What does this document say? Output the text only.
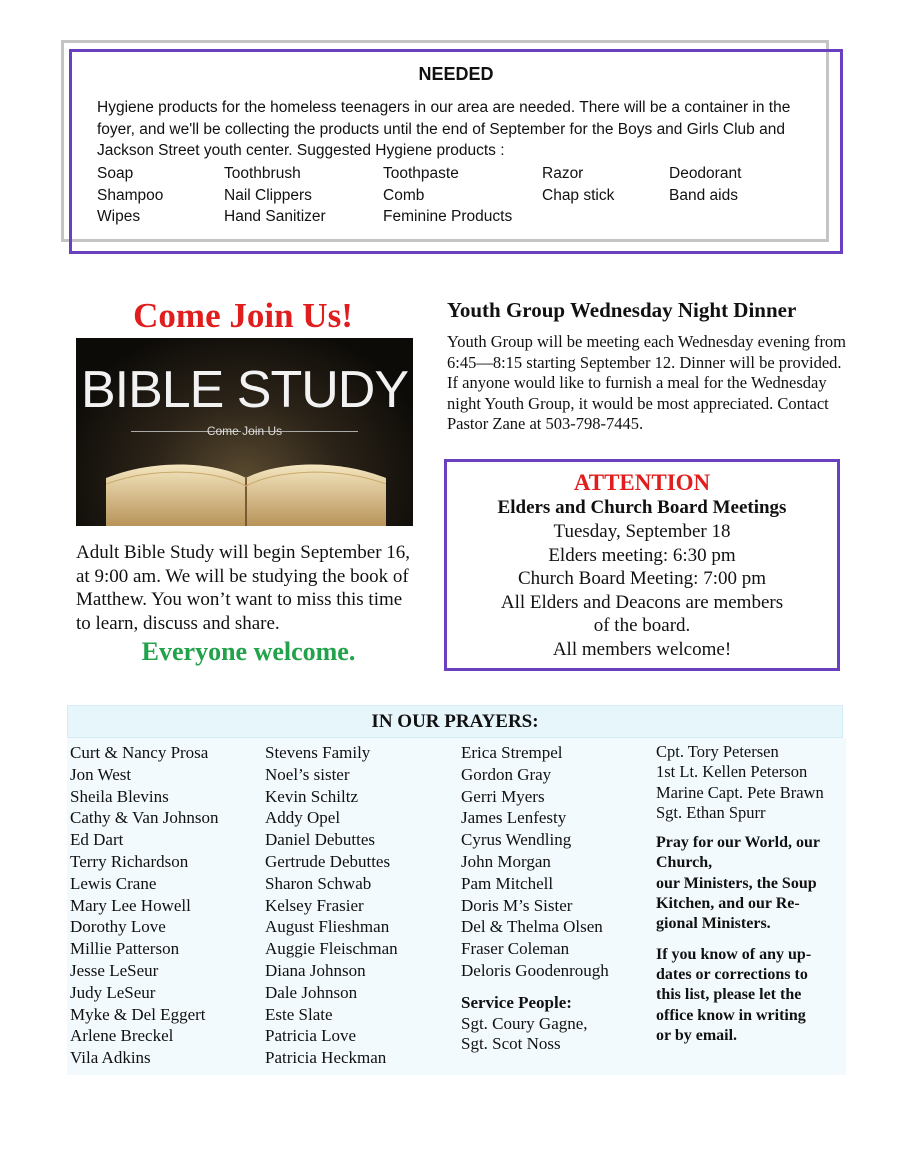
NEEDED
Hygiene products for the homeless teenagers in our area are needed. There will be a container in the foyer, and we'll be collecting the products until the end of September for the Boys and Girls Club and Jackson Street youth center. Suggested Hygiene products :
Soap	Toothbrush	Toothpaste	Razor	Deodorant
Shampoo	Nail Clippers	Comb	Chap stick	Band aids
Wipes	Hand Sanitizer	Feminine Products
Come Join Us!
BIBLE STUDY
Come Join Us
Adult Bible Study will begin September 16, at 9:00 am. We will be studying the book of Matthew. You won’t want to miss this time to learn, discuss and share.
Everyone welcome.
Youth Group Wednesday Night Dinner
Youth Group will be meeting each Wednesday evening from 6:45—8:15 starting September 12. Dinner will be provided. If anyone would like to furnish a meal for the Wednesday night Youth Group, it would be most appreciated. Contact Pastor Zane at 503-798-7445.
ATTENTION
Elders and Church Board Meetings
Tuesday, September 18
Elders meeting: 6:30 pm
Church Board Meeting: 7:00 pm
All Elders and Deacons are members
of the board.
All members welcome!
IN OUR PRAYERS:
Curt & Nancy Prosa
Jon West
Sheila Blevins
Cathy & Van Johnson
Ed Dart
Terry Richardson
Lewis Crane
Mary Lee Howell
Dorothy Love
Millie Patterson
Jesse LeSeur
Judy LeSeur
Myke & Del Eggert
Arlene Breckel
Vila Adkins
Stevens Family
Noel’s sister
Kevin Schiltz
Addy Opel
Daniel Debuttes
Gertrude Debuttes
Sharon Schwab
Kelsey Frasier
August Flieshman
Auggie Fleischman
Diana Johnson
Dale Johnson
Este Slate
Patricia Love
Patricia Heckman
Erica Strempel
Gordon Gray
Gerri Myers
James Lenfesty
Cyrus Wendling
John Morgan
Pam Mitchell
Doris M’s Sister
Del & Thelma Olsen
Fraser Coleman
Deloris Goodenrough
Service People:
Sgt. Coury Gagne,
Sgt. Scot Noss
Cpt. Tory Petersen
1st Lt. Kellen Peterson
Marine Capt. Pete Brawn
Sgt. Ethan Spurr
Pray for our World, our
Church,
our Ministers, the Soup
Kitchen, and our Re-
gional Ministers.
If you know of any up-
dates or corrections to
this list, please let the
office know in writing
or by email.
